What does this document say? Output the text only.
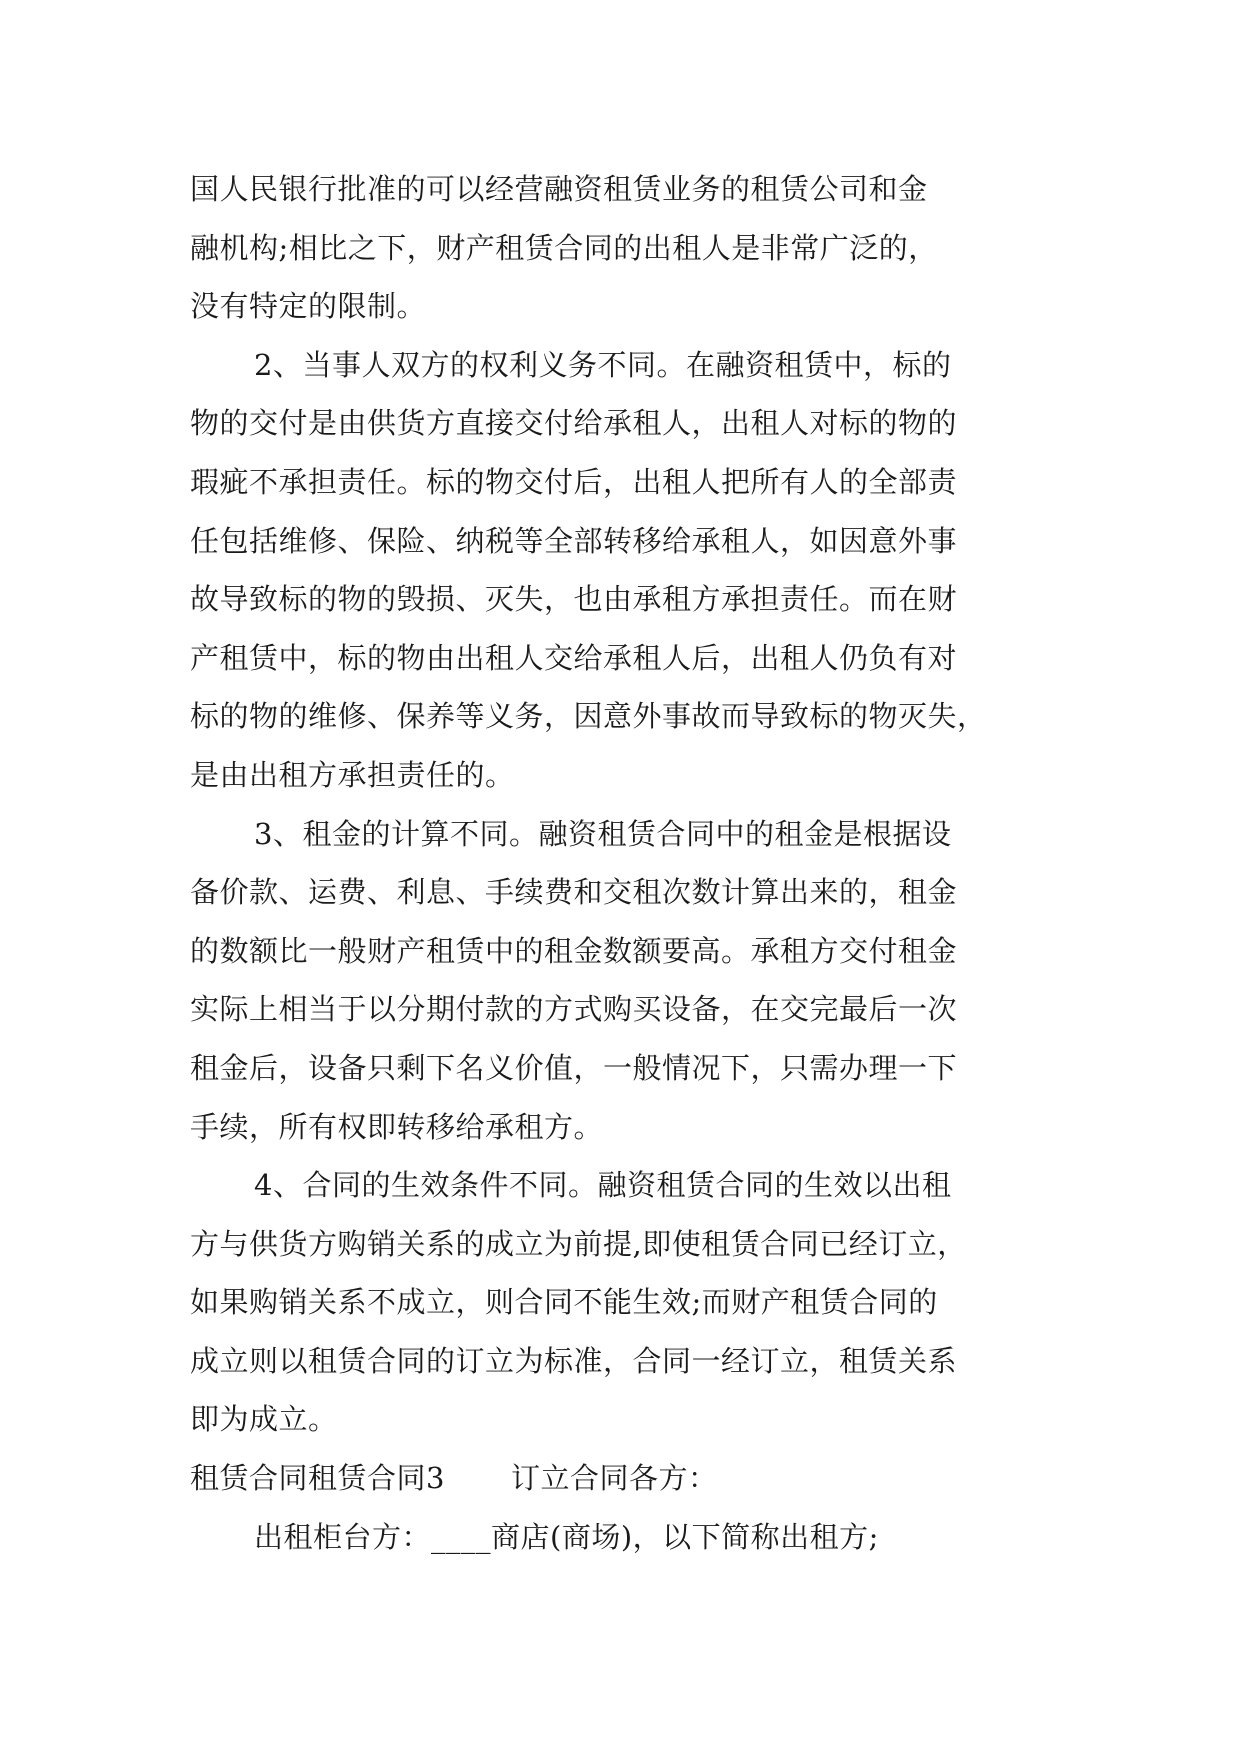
国人民银行批准的可以经营融资租赁业务的租赁公司和金
融机构;相比之下，财产租赁合同的出租人是非常广泛的，
没有特定的限制。
2、当事人双方的权利义务不同。在融资租赁中，标的
物的交付是由供货方直接交付给承租人，出租人对标的物的
瑕疵不承担责任。标的物交付后，出租人把所有人的全部责
任包括维修、保险、纳税等全部转移给承租人，如因意外事
故导致标的物的毁损、灭失，也由承租方承担责任。而在财
产租赁中，标的物由出租人交给承租人后，出租人仍负有对
标的物的维修、保养等义务，因意外事故而导致标的物灭失，
是由出租方承担责任的。
3、租金的计算不同。融资租赁合同中的租金是根据设
备价款、运费、利息、手续费和交租次数计算出来的，租金
的数额比一般财产租赁中的租金数额要高。承租方交付租金
实际上相当于以分期付款的方式购买设备，在交完最后一次
租金后，设备只剩下名义价值，一般情况下，只需办理一下
手续，所有权即转移给承租方。
4、合同的生效条件不同。融资租赁合同的生效以出租
方与供货方购销关系的成立为前提,即使租赁合同已经订立，
如果购销关系不成立，则合同不能生效;而财产租赁合同的
成立则以租赁合同的订立为标准，合同一经订立，租赁关系
即为成立。
租赁合同租赁合同3 订立合同各方：
出租柜台方：____商店(商场)，以下简称出租方;
